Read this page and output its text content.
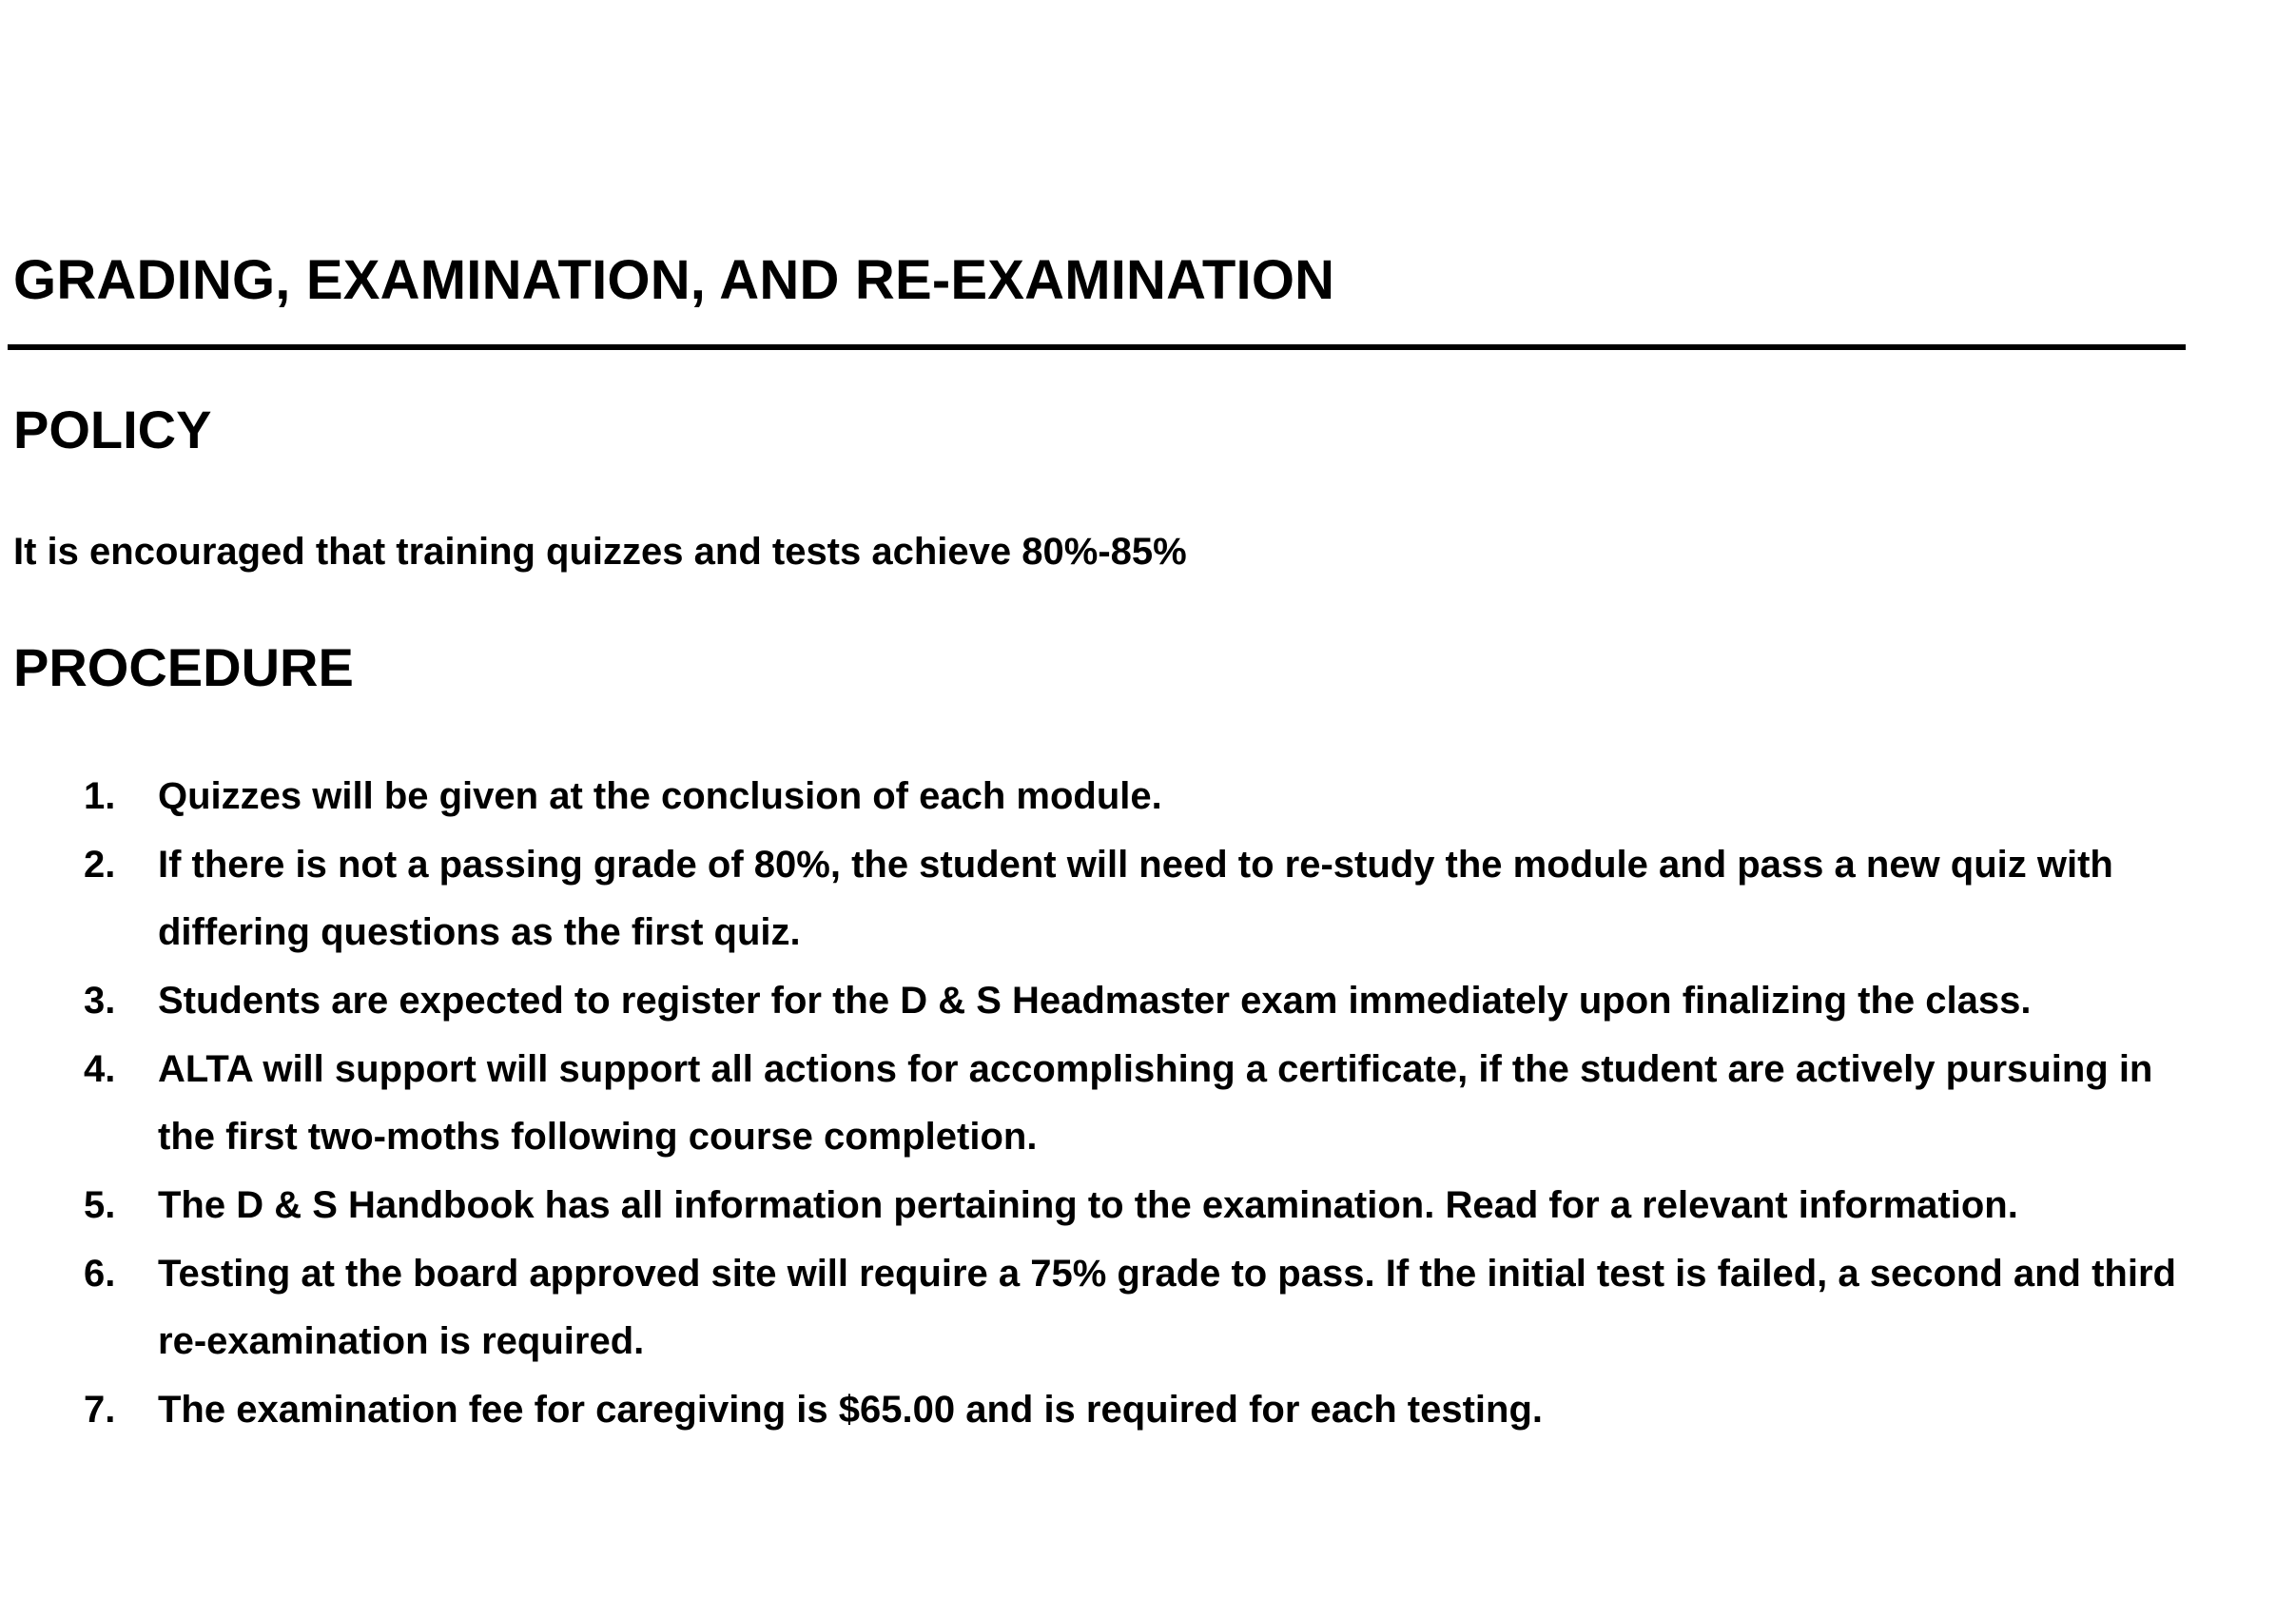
GRADING, EXAMINATION, AND RE-EXAMINATION
POLICY

It is encouraged that training quizzes and tests achieve 80%-85%

PROCEDURE
1.	Quizzes will be given at the conclusion of each module.
2.	If there is not a passing grade of 80%, the student will need to re-study the module and pass a new quiz with differing questions as the first quiz.
3.	Students are expected to register for the D & S Headmaster exam immediately upon finalizing the class.
4.	ALTA will support will support all actions for accomplishing a certificate, if the student are actively pursuing in the first two-moths following course completion.
5.	The D & S Handbook has all information pertaining to the examination. Read for a relevant information.
6.	Testing at the board approved site will require a 75% grade to pass. If the initial test is failed, a second and third re-examination is required.
7.	The examination fee for caregiving is $65.00 and is required for each testing.
